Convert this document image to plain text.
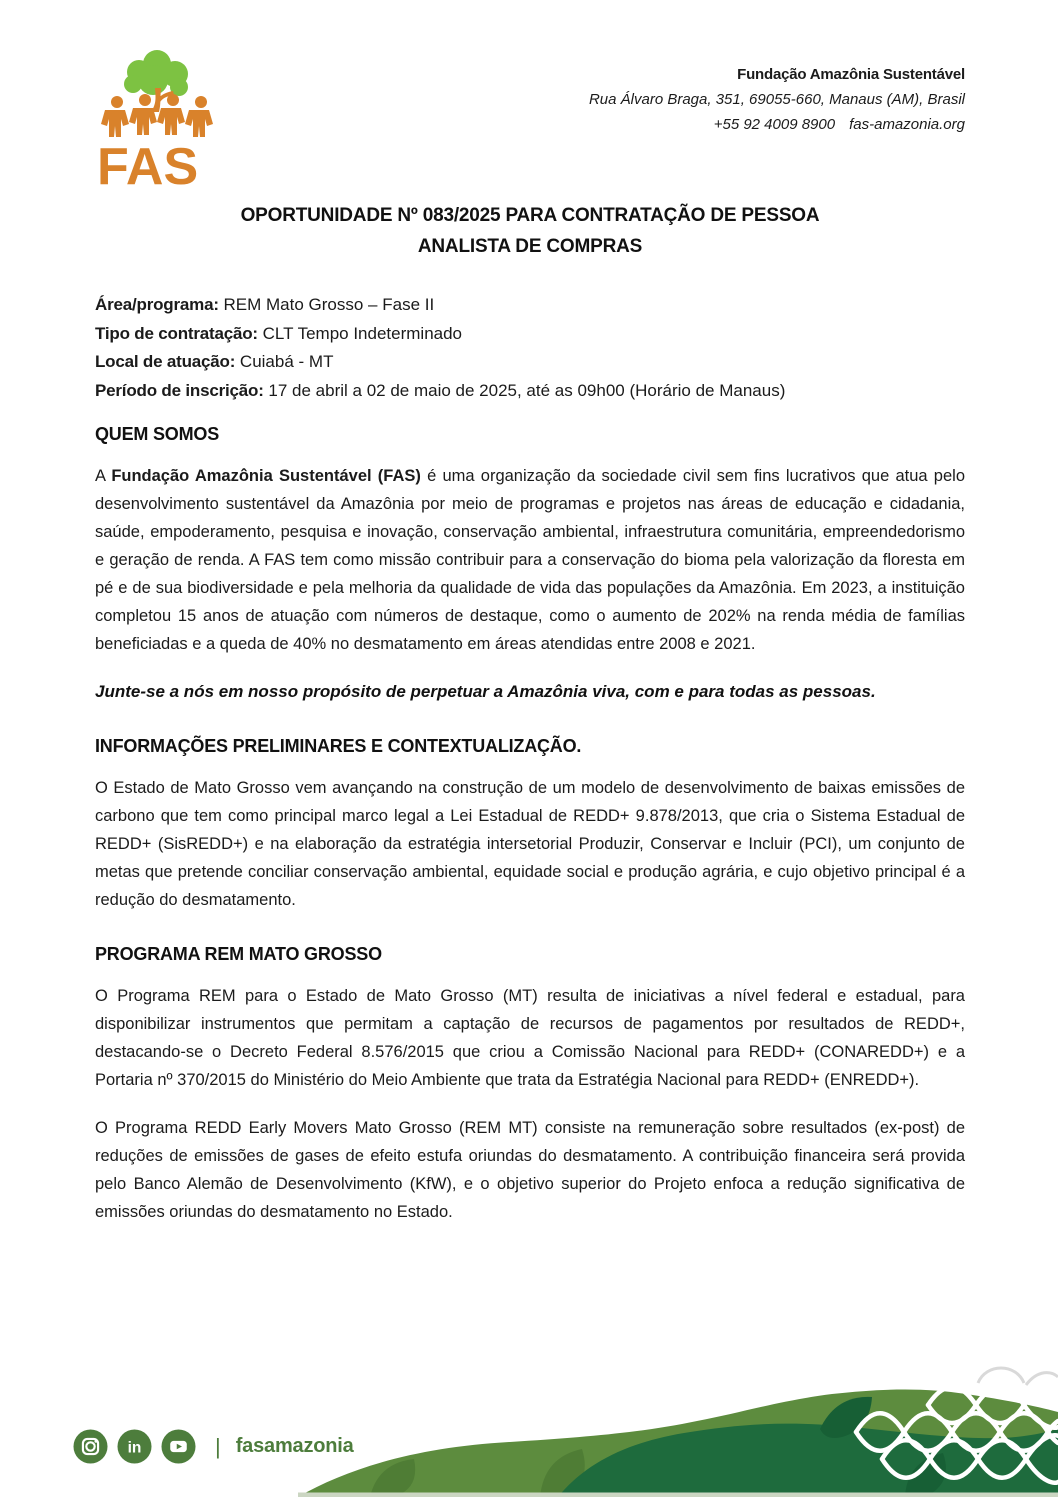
FAS
Fundação Amazônia Sustentável
Rua Álvaro Braga, 351, 69055-660, Manaus (AM), Brasil
+55 92 4009 8900 fas-amazonia.org
OPORTUNIDADE Nº 083/2025 PARA CONTRATAÇÃO DE PESSOA
ANALISTA DE COMPRAS
Área/programa: REM Mato Grosso – Fase II
Tipo de contratação: CLT Tempo Indeterminado
Local de atuação: Cuiabá - MT
Período de inscrição: 17 de abril a 02 de maio de 2025, até as 09h00 (Horário de Manaus)
QUEM SOMOS

A Fundação Amazônia Sustentável (FAS) é uma organização da sociedade civil sem fins lucrativos que atua pelo desenvolvimento sustentável da Amazônia por meio de programas e projetos nas áreas de educação e cidadania, saúde, empoderamento, pesquisa e inovação, conservação ambiental, infraestrutura comunitária, empreendedorismo e geração de renda. A FAS tem como missão contribuir para a conservação do bioma pela valorização da floresta em pé e de sua biodiversidade e pela melhoria da qualidade de vida das populações da Amazônia. Em 2023, a instituição completou 15 anos de atuação com números de destaque, como o aumento de 202% na renda média de famílias beneficiadas e a queda de 40% no desmatamento em áreas atendidas entre 2008 e 2021.

Junte-se a nós em nosso propósito de perpetuar a Amazônia viva, com e para todas as pessoas.
INFORMAÇÕES PRELIMINARES E CONTEXTUALIZAÇÃO.

O Estado de Mato Grosso vem avançando na construção de um modelo de desenvolvimento de baixas emissões de carbono que tem como principal marco legal a Lei Estadual de REDD+ 9.878/2013, que cria o Sistema Estadual de REDD+ (SisREDD+) e na elaboração da estratégia intersetorial Produzir, Conservar e Incluir (PCI), um conjunto de metas que pretende conciliar conservação ambiental, equidade social e produção agrária, e cujo objetivo principal é a redução do desmatamento.

PROGRAMA REM MATO GROSSO

O Programa REM para o Estado de Mato Grosso (MT) resulta de iniciativas a nível federal e estadual, para disponibilizar instrumentos que permitam a captação de recursos de pagamentos por resultados de REDD+, destacando-se o Decreto Federal 8.576/2015 que criou a Comissão Nacional para REDD+ (CONAREDD+) e a Portaria nº 370/2015 do Ministério do Meio Ambiente que trata da Estratégia Nacional para REDD+ (ENREDD+).

O Programa REDD Early Movers Mato Grosso (REM MT) consiste na remuneração sobre resultados (ex-post) de reduções de emissões de gases de efeito estufa oriundas do desmatamento. A contribuição financeira será provida pelo Banco Alemão de Desenvolvimento (KfW), e o objetivo superior do Projeto enfoca a redução significativa de emissões oriundas do desmatamento no Estado.

in	| fasamazonia
